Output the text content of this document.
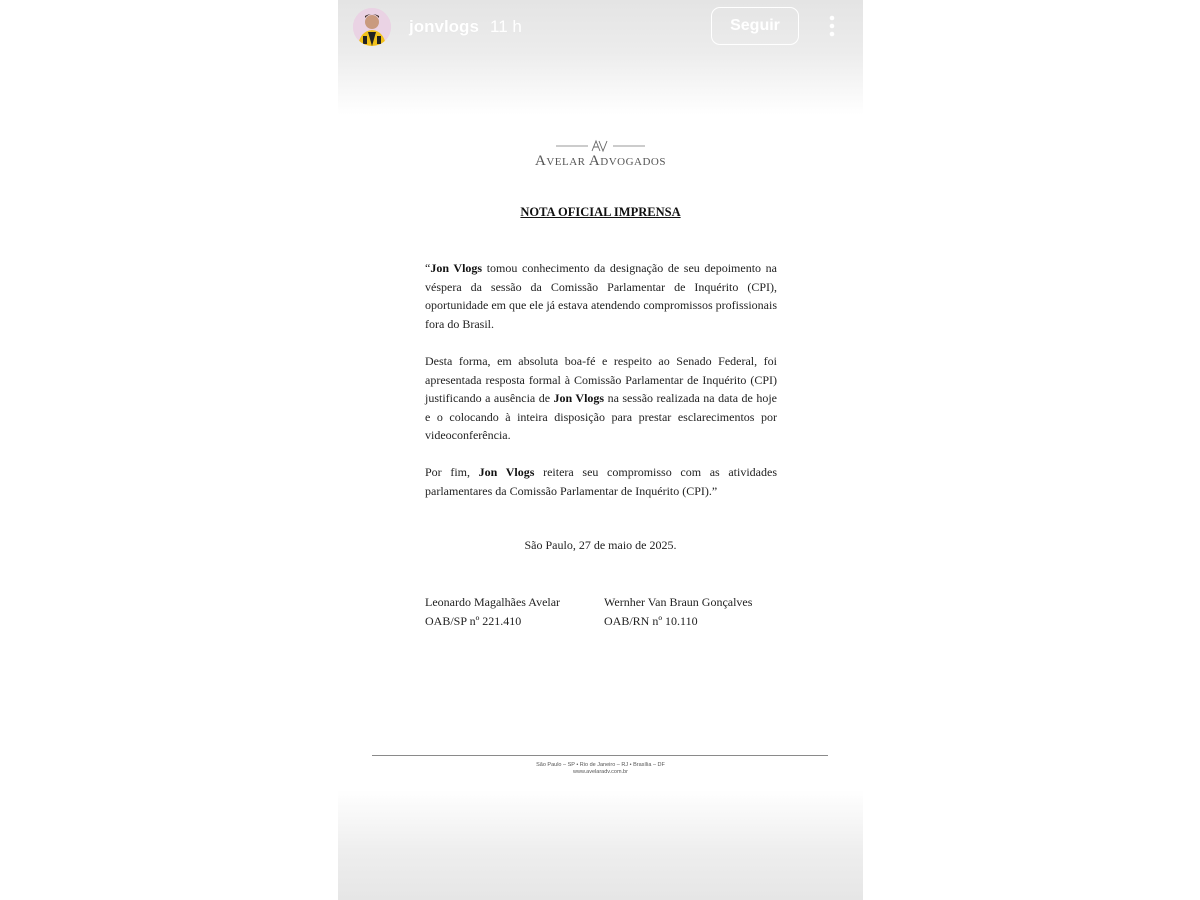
Avelar Advogados
NOTA OFICIAL IMPRENSA

“Jon Vlogs tomou conhecimento da designação de seu depoimento na véspera da sessão da Comissão Parlamentar de Inquérito (CPI), oportunidade em que ele já estava atendendo compromissos profissionais fora do Brasil.

Desta forma, em absoluta boa-fé e respeito ao Senado Federal, foi apresentada resposta formal à Comissão Parlamentar de Inquérito (CPI) justificando a ausência de Jon Vlogs na sessão realizada na data de hoje e o colocando à inteira disposição para prestar esclarecimentos por videoconferência.

Por fim, Jon Vlogs reitera seu compromisso com as atividades parlamentares da Comissão Parlamentar de Inquérito (CPI).”

São Paulo, 27 de maio de 2025.
Leonardo Magalhães Avelar
OAB/SP nº 221.410
Wernher Van Braun Gonçalves
OAB/RN nº 10.110
São Paulo – SP • Rio de Janeiro – RJ • Brasília – DF
www.avelaradv.com.br
jonvlogs 11 h	Seguir
